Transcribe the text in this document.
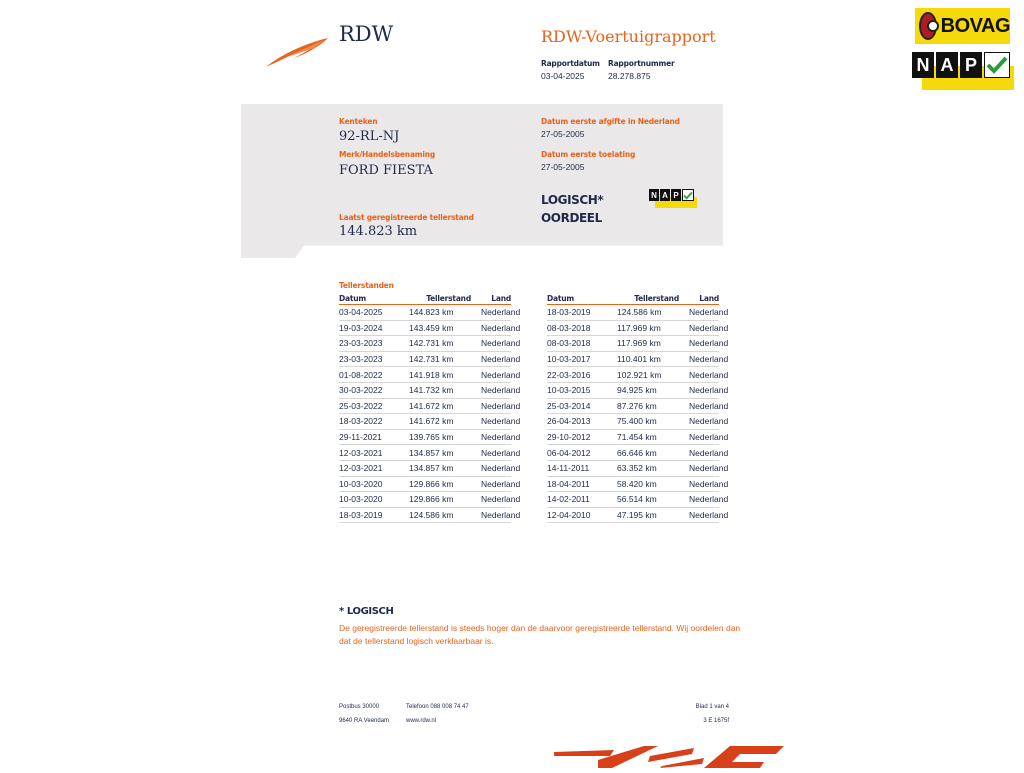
RDW	RDW-Voertuigrapport
Rapportdatum
03-04-2025
Rapportnummer
28.278.875
BOVAG
N A P
Kenteken
92-RL-NJ
Merk/Handelsbenaming
FORD FIESTA
Laatst geregistreerde tellerstand
144.823 km
Datum eerste afgifte in Nederland
27-05-2005
Datum eerste toelating
27-05-2005
LOGISCH*
OORDEEL
N A P
Tellerstanden
Datum	Tellerstand	Land
03-04-2025	144.823 km	Nederland
19-03-2024	143.459 km	Nederland
23-03-2023	142.731 km	Nederland
23-03-2023	142.731 km	Nederland
01-08-2022	141.918 km	Nederland
30-03-2022	141.732 km	Nederland
25-03-2022	141.672 km	Nederland
18-03-2022	141.672 km	Nederland
29-11-2021	139.765 km	Nederland
12-03-2021	134.857 km	Nederland
12-03-2021	134.857 km	Nederland
10-03-2020	129.866 km	Nederland
10-03-2020	129.866 km	Nederland
18-03-2019	124.586 km	Nederland
Datum	Tellerstand	Land
18-03-2019	124.586 km	Nederland
08-03-2018	117.969 km	Nederland
08-03-2018	117.969 km	Nederland
10-03-2017	110.401 km	Nederland
22-03-2016	102.921 km	Nederland
10-03-2015	94.925 km	Nederland
25-03-2014	87.276 km	Nederland
26-04-2013	75.400 km	Nederland
29-10-2012	71.454 km	Nederland
06-04-2012	66.646 km	Nederland
14-11-2011	63.352 km	Nederland
18-04-2011	58.420 km	Nederland
14-02-2011	56.514 km	Nederland
12-04-2010	47.195 km	Nederland
* LOGISCH
De geregistreerde tellerstand is steeds hoger dan de daarvoor geregistreerde tellerstand. Wij oordelen dan
dat de tellerstand logisch verklaarbaar is.
Postbus 30000
9640 RA Veendam
Telefoon 088 008 74 47
www.rdw.nl
Blad 1 van 4
3 E 1675f
